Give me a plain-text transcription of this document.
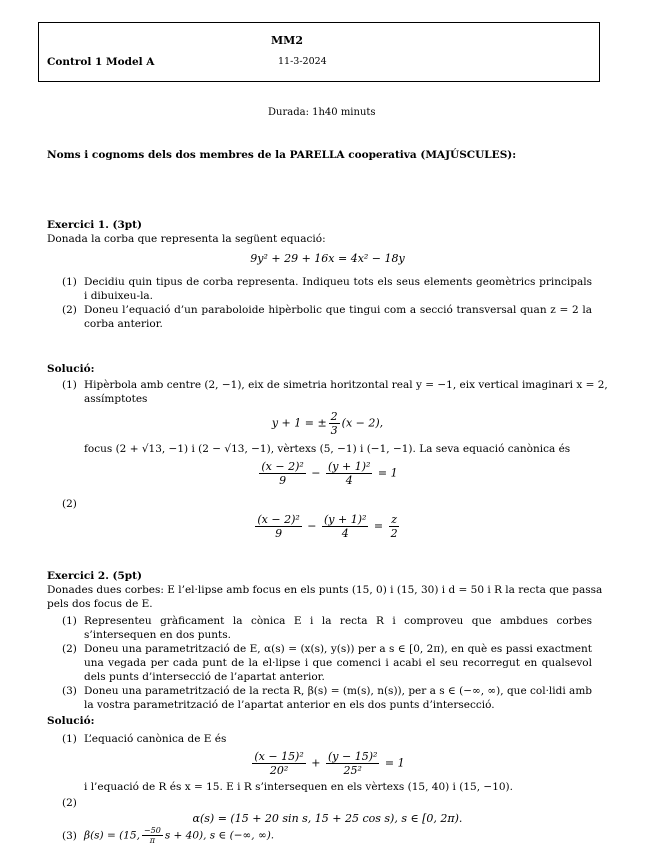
MM2
Control 1 Model A	11-3-2024
Durada: 1h40 minuts
Noms i cognoms dels dos membres de la PARELLA cooperativa (MAJÚSCULES):
Exercici 1. (3pt)
Donada la corba que representa la següent equació:
9y² + 29 + 16x = 4x² − 18y
(1) Decidiu quin tipus de corba representa. Indiqueu tots els seus elements geomètrics principals i dibuixeu-la.
(2) Doneu l’equació d’un paraboloide hipèrbolic que tingui com a secció transversal quan z = 2 la corba anterior.
Solució:
(1) Hipèrbola amb centre (2, −1), eix de simetria horitzontal real y = −1, eix vertical imaginari x = 2,
assímptotes
y + 1 = ± $\frac{2}{3} (x - 2)$,
focus (2 + √13, −1) i (2 − √13, −1), vèrtexs (5, −1) i (−1, −1). La seva equació canònica és
$\frac{\text{(x − 2)²}}{9} - \frac{\text{(y + 1)²}}{4} = 1$
(2)
$\frac{\text{(x − 2)²}}{9} - \frac{\text{(y + 1)²}}{4} = \frac{z}{2}$
Exercici 2. (5pt)
Donades dues corbes: E l’el·lipse amb focus en els punts (15, 0) i (15, 30) i d = 50 i R la recta que passa
pels dos focus de E.
(1) Representeu gràficament la cònica E i la recta R i comproveu que ambdues corbes s’intersequen en dos punts.
(2) Doneu una parametrització de E, α(s) = (x(s), y(s)) per a s ∈ [0, 2π), en què es passi exactment una vegada per cada punt de la el·lipse i que comenci i acabi el seu recorregut en qualsevol dels punts d’intersecció de l’apartat anterior.
(3) Doneu una parametrització de la recta R, β(s) = (m(s), n(s)), per a s ∈ (−∞, ∞), que col·lidi amb la vostra parametrització de l’apartat anterior en els dos punts d’intersecció.
Solució:
(1) L’equació canònica de E és
$\frac{\text{(x − 15)²}}{\text{20²}} + \frac{\text{(y − 15)²}}{\text{25²}} = 1$
i l’equació de R és x = 15. E i R s’intersequen en els vèrtexs (15, 40) i (15, −10).
(2)
α(s) = (15 + 20 sin s, 15 + 25 cos s), s ∈ [0, 2π).
(3) β(s) = (15, $\frac{-50}{\pi}$ s + 40), s ∈ (−∞, ∞).
